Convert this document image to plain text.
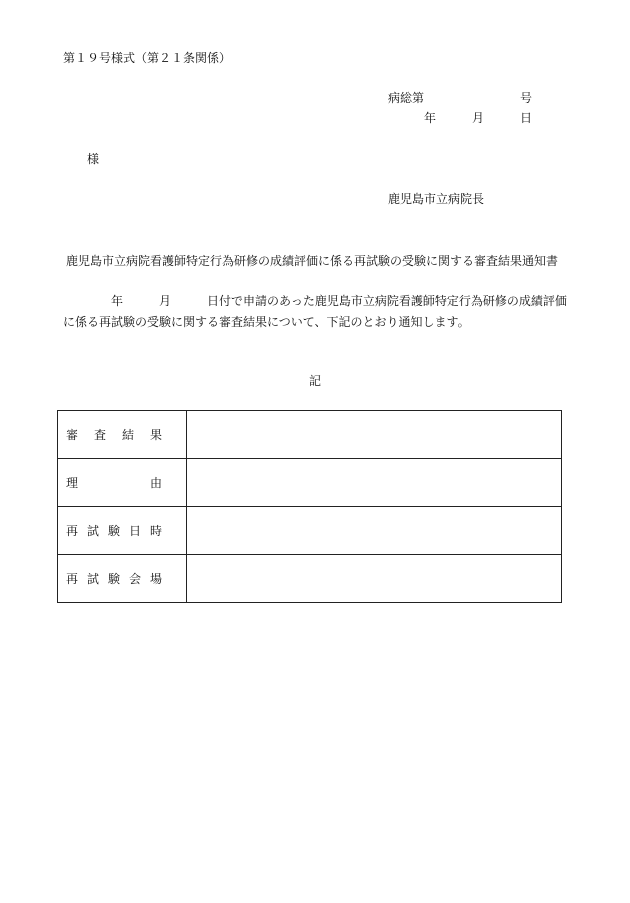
第１９号様式（第２１条関係）
病総第	号
年	月	日
様
鹿児島市立病院長
鹿児島市立病院看護師特定行為研修の成績評価に係る再試験の受験に関する審査結果通知書
年	月	日付で申請のあった鹿児島市立病院看護師特定行為研修の成績評価
に係る再試験の受験に関する審査結果について、下記のとおり通知します。
記
審 査 結 果	

理 由	

再 試 験 日 時	

再 試 験 会 場	
